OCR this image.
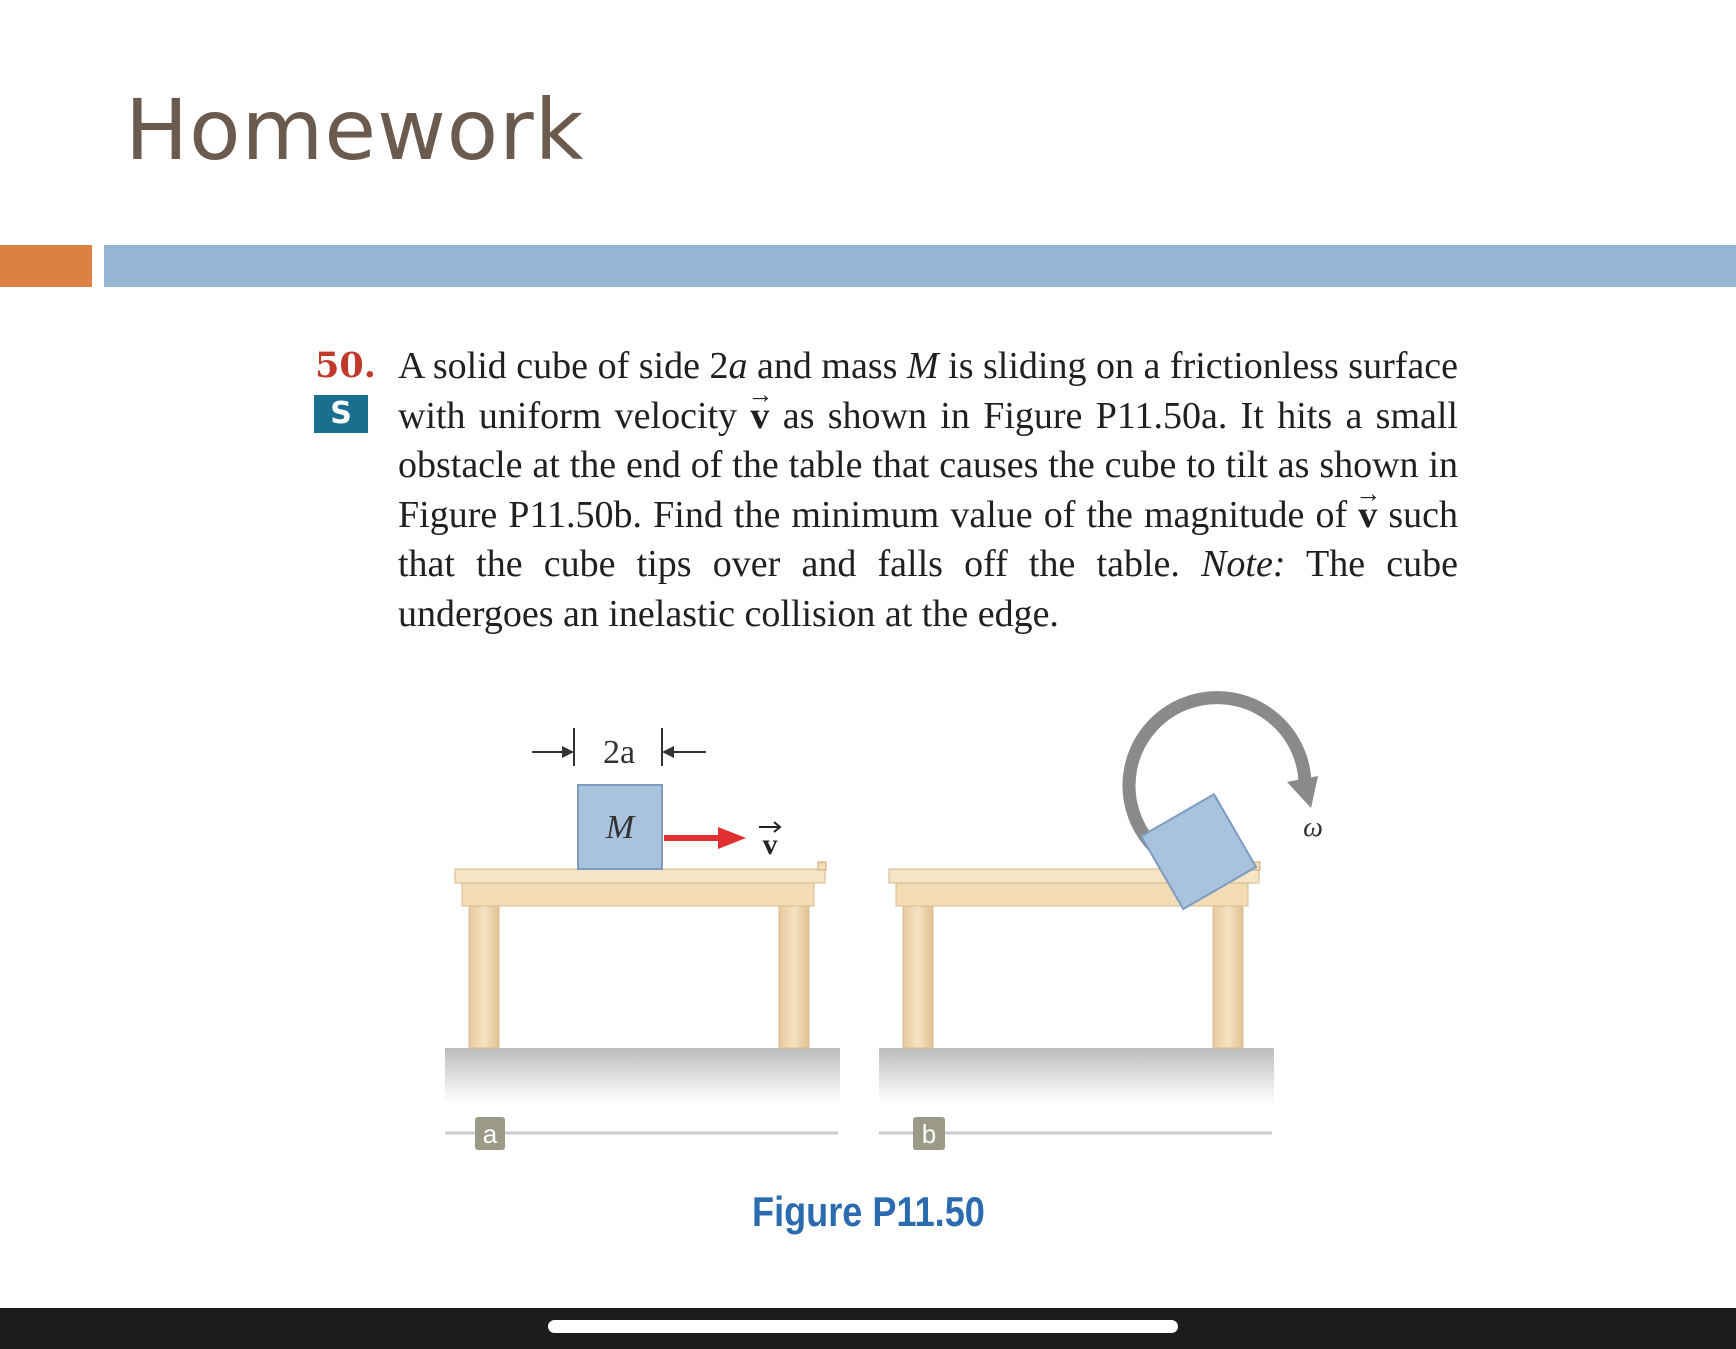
Homework
50.
S
A solid cube of side 2a and mass M is sliding on a frictionless surface with uniform velocity → v as shown in Figure P11.50a. It hits a small obstacle at the end of the table that causes the cube to tilt as shown in Figure P11.50b. Find the minimum value of the magnitude of → v such that the cube tips over and falls off the table. Note: The cube undergoes an inelastic collision at the edge.
M	v
2a
a
ω
b
Figure P11.50
